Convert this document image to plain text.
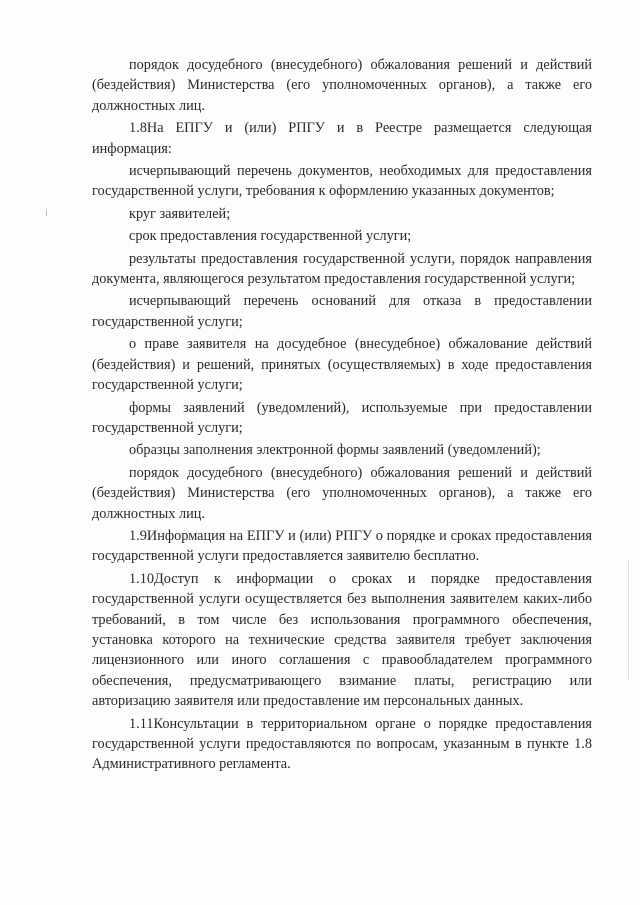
порядок досудебного (внесудебного) обжалования решений и действий (бездействия) Министерства (его уполномоченных органов), а также его должностных лиц.

1.8На ЕПГУ и (или) РПГУ и в Реестре размещается следующая информация:

исчерпывающий перечень документов, необходимых для предоставления государственной услуги, требования к оформлению указанных документов;

круг заявителей;

срок предоставления государственной услуги;

результаты предоставления государственной услуги, порядок направления документа, являющегося результатом предоставления государственной услуги;

исчерпывающий перечень оснований для отказа в предоставлении государственной услуги;

о праве заявителя на досудебное (внесудебное) обжалование действий (бездействия) и решений, принятых (осуществляемых) в ходе предоставления государственной услуги;

формы заявлений (уведомлений), используемые при предоставлении государственной услуги;

образцы заполнения электронной формы заявлений (уведомлений);

порядок досудебного (внесудебного) обжалования решений и действий (бездействия) Министерства (его уполномоченных органов), а также его должностных лиц.

1.9Информация на ЕПГУ и (или) РПГУ о порядке и сроках предоставления государственной услуги предоставляется заявителю бесплатно.

1.10Доступ к информации о сроках и порядке предоставления государственной услуги осуществляется без выполнения заявителем каких-либо требований, в том числе без использования программного обеспечения, установка которого на технические средства заявителя требует заключения лицензионного или иного соглашения с правообладателем программного обеспечения, предусматривающего взимание платы, регистрацию или авторизацию заявителя или предоставление им персональных данных.

1.11Консультации в территориальном органе о порядке предоставления государственной услуги предоставляются по вопросам, указанным в пункте 1.8 Административного регламента.
